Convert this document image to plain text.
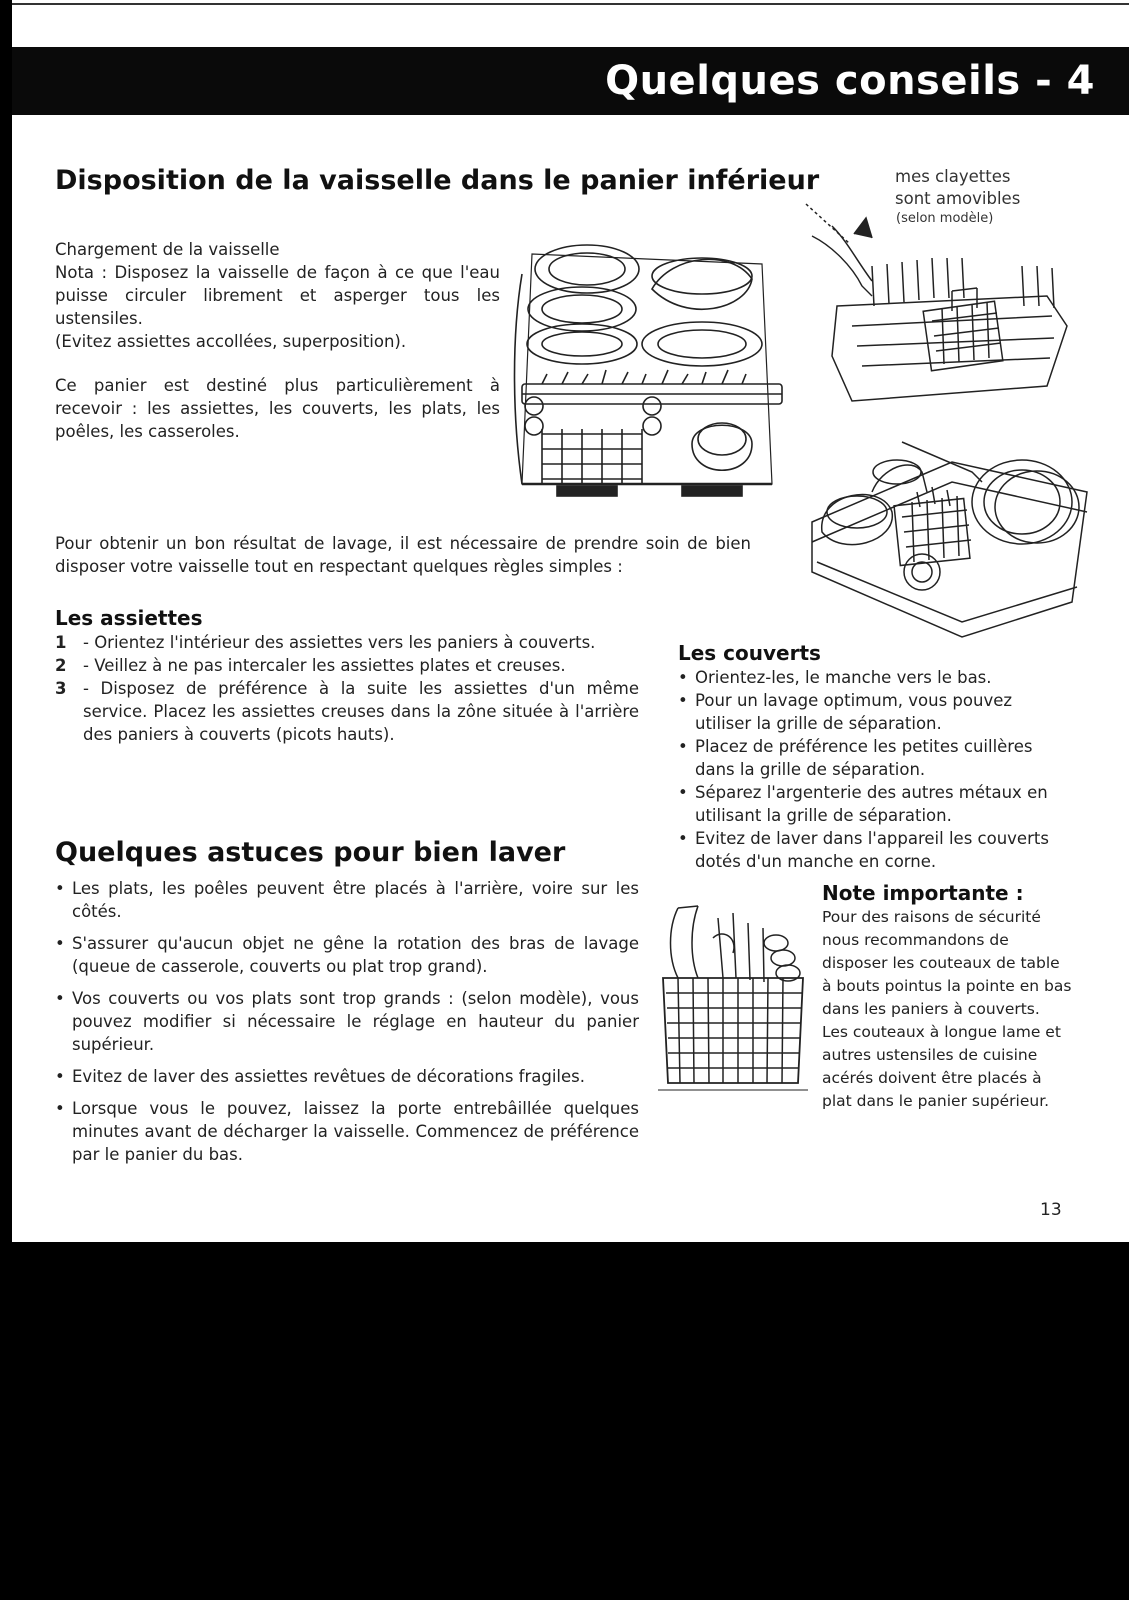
Quelques conseils - 4
Disposition de la vaisselle dans le panier inférieur

Chargement de la vaisselle

Nota : Disposez la vaisselle de façon à ce que l'eau puisse circuler librement et asperger tous les ustensiles.

(Evitez assiettes accollées, superposition).

Ce panier est destiné plus particulièrement à recevoir : les assiettes, les couverts, les plats, les poêles, les casseroles.

mes clayettes
sont amovibles
(selon modèle)

Pour obtenir un bon résultat de lavage, il est nécessaire de prendre soin de bien disposer votre vaisselle tout en respectant quelques règles simples :

Les assiettes
1 - Orientez l'intérieur des assiettes vers les paniers à couverts.
2 - Veillez à ne pas intercaler les assiettes plates et creuses.
3 - Disposez de préférence à la suite les assiettes d'un même service. Placez les assiettes creuses dans la zône située à l'arrière des paniers à couverts (picots hauts).
Les couverts
• Orientez-les, le manche vers le bas.
• Pour un lavage optimum, vous pouvez utiliser la grille de séparation.
• Placez de préférence les petites cuillères dans la grille de séparation.
• Séparez l'argenterie des autres métaux en utilisant la grille de séparation.
• Evitez de laver dans l'appareil les couverts dotés d'un manche en corne.
Quelques astuces pour bien laver
• Les plats, les poêles peuvent être placés à l'arrière, voire sur les côtés.
• S'assurer qu'aucun objet ne gêne la rotation des bras de lavage (queue de casserole, couverts ou plat trop grand).
• Vos couverts ou vos plats sont trop grands : (selon modèle), vous pouvez modifier si nécessaire le réglage en hauteur du panier supérieur.
• Evitez de laver des assiettes revêtues de décorations fragiles.
• Lorsque vous le pouvez, laissez la porte entrebâillée quelques minutes avant de décharger la vaisselle. Commencez de préférence par le panier du bas.
Note importante :

Pour des raisons de sécurité nous recommandons de disposer les couteaux de table à bouts pointus la pointe en bas dans les paniers à couverts.

Les couteaux à longue lame et autres ustensiles de cuisine acérés doivent être placés à plat dans le panier supérieur.

13
